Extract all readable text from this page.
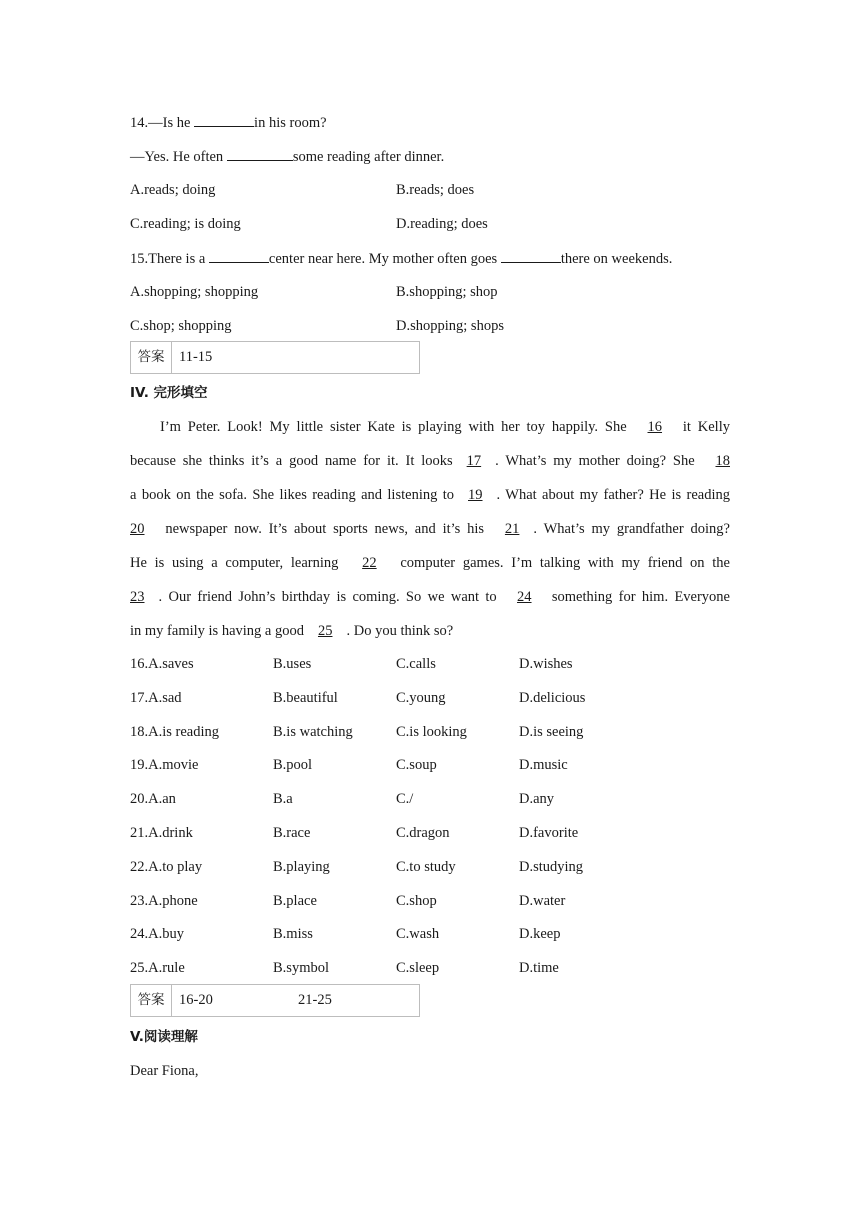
14.—Is he	in his room?
—Yes. He often	some reading after dinner.
A.reads; doing	B.reads; does
C.reading; is doing	D.reading; does
15.There is a	center near here. My mother often goes	there on weekends.
A.shopping; shopping	B.shopping; shop
C.shop; shopping	D.shopping; shops
答案	11-15
IV. 完形填空
I’m Peter. Look! My little sister Kate is playing with her toy happily. She 16 it Kelly
because she thinks it’s a good name for it. It looks 17 . What’s my mother doing? She 18
a book on the sofa. She likes reading and listening to 19 . What about my father? He is reading
20 newspaper now. It’s about sports news, and it’s his 21 . What’s my grandfather doing?
He is using a computer, learning 22 computer games. I’m talking with my friend on the
23 . Our friend John’s birthday is coming. So we want to 24 something for him. Everyone
in my family is having a good 25 . Do you think so?
16.A.saves	B.uses	C.calls	D.wishes
17.A.sad	B.beautiful	C.young	D.delicious
18.A.is reading	B.is watching	C.is looking	D.is seeing
19.A.movie	B.pool	C.soup	D.music
20.A.an	B.a	C./	D.any
21.A.drink	B.race	C.dragon	D.favorite
22.A.to play	B.playing	C.to study	D.studying
23.A.phone	B.place	C.shop	D.water
24.A.buy	B.miss	C.wash	D.keep
25.A.rule	B.symbol	C.sleep	D.time
答案	16-20	21-25
V.阅读理解
Dear Fiona,
